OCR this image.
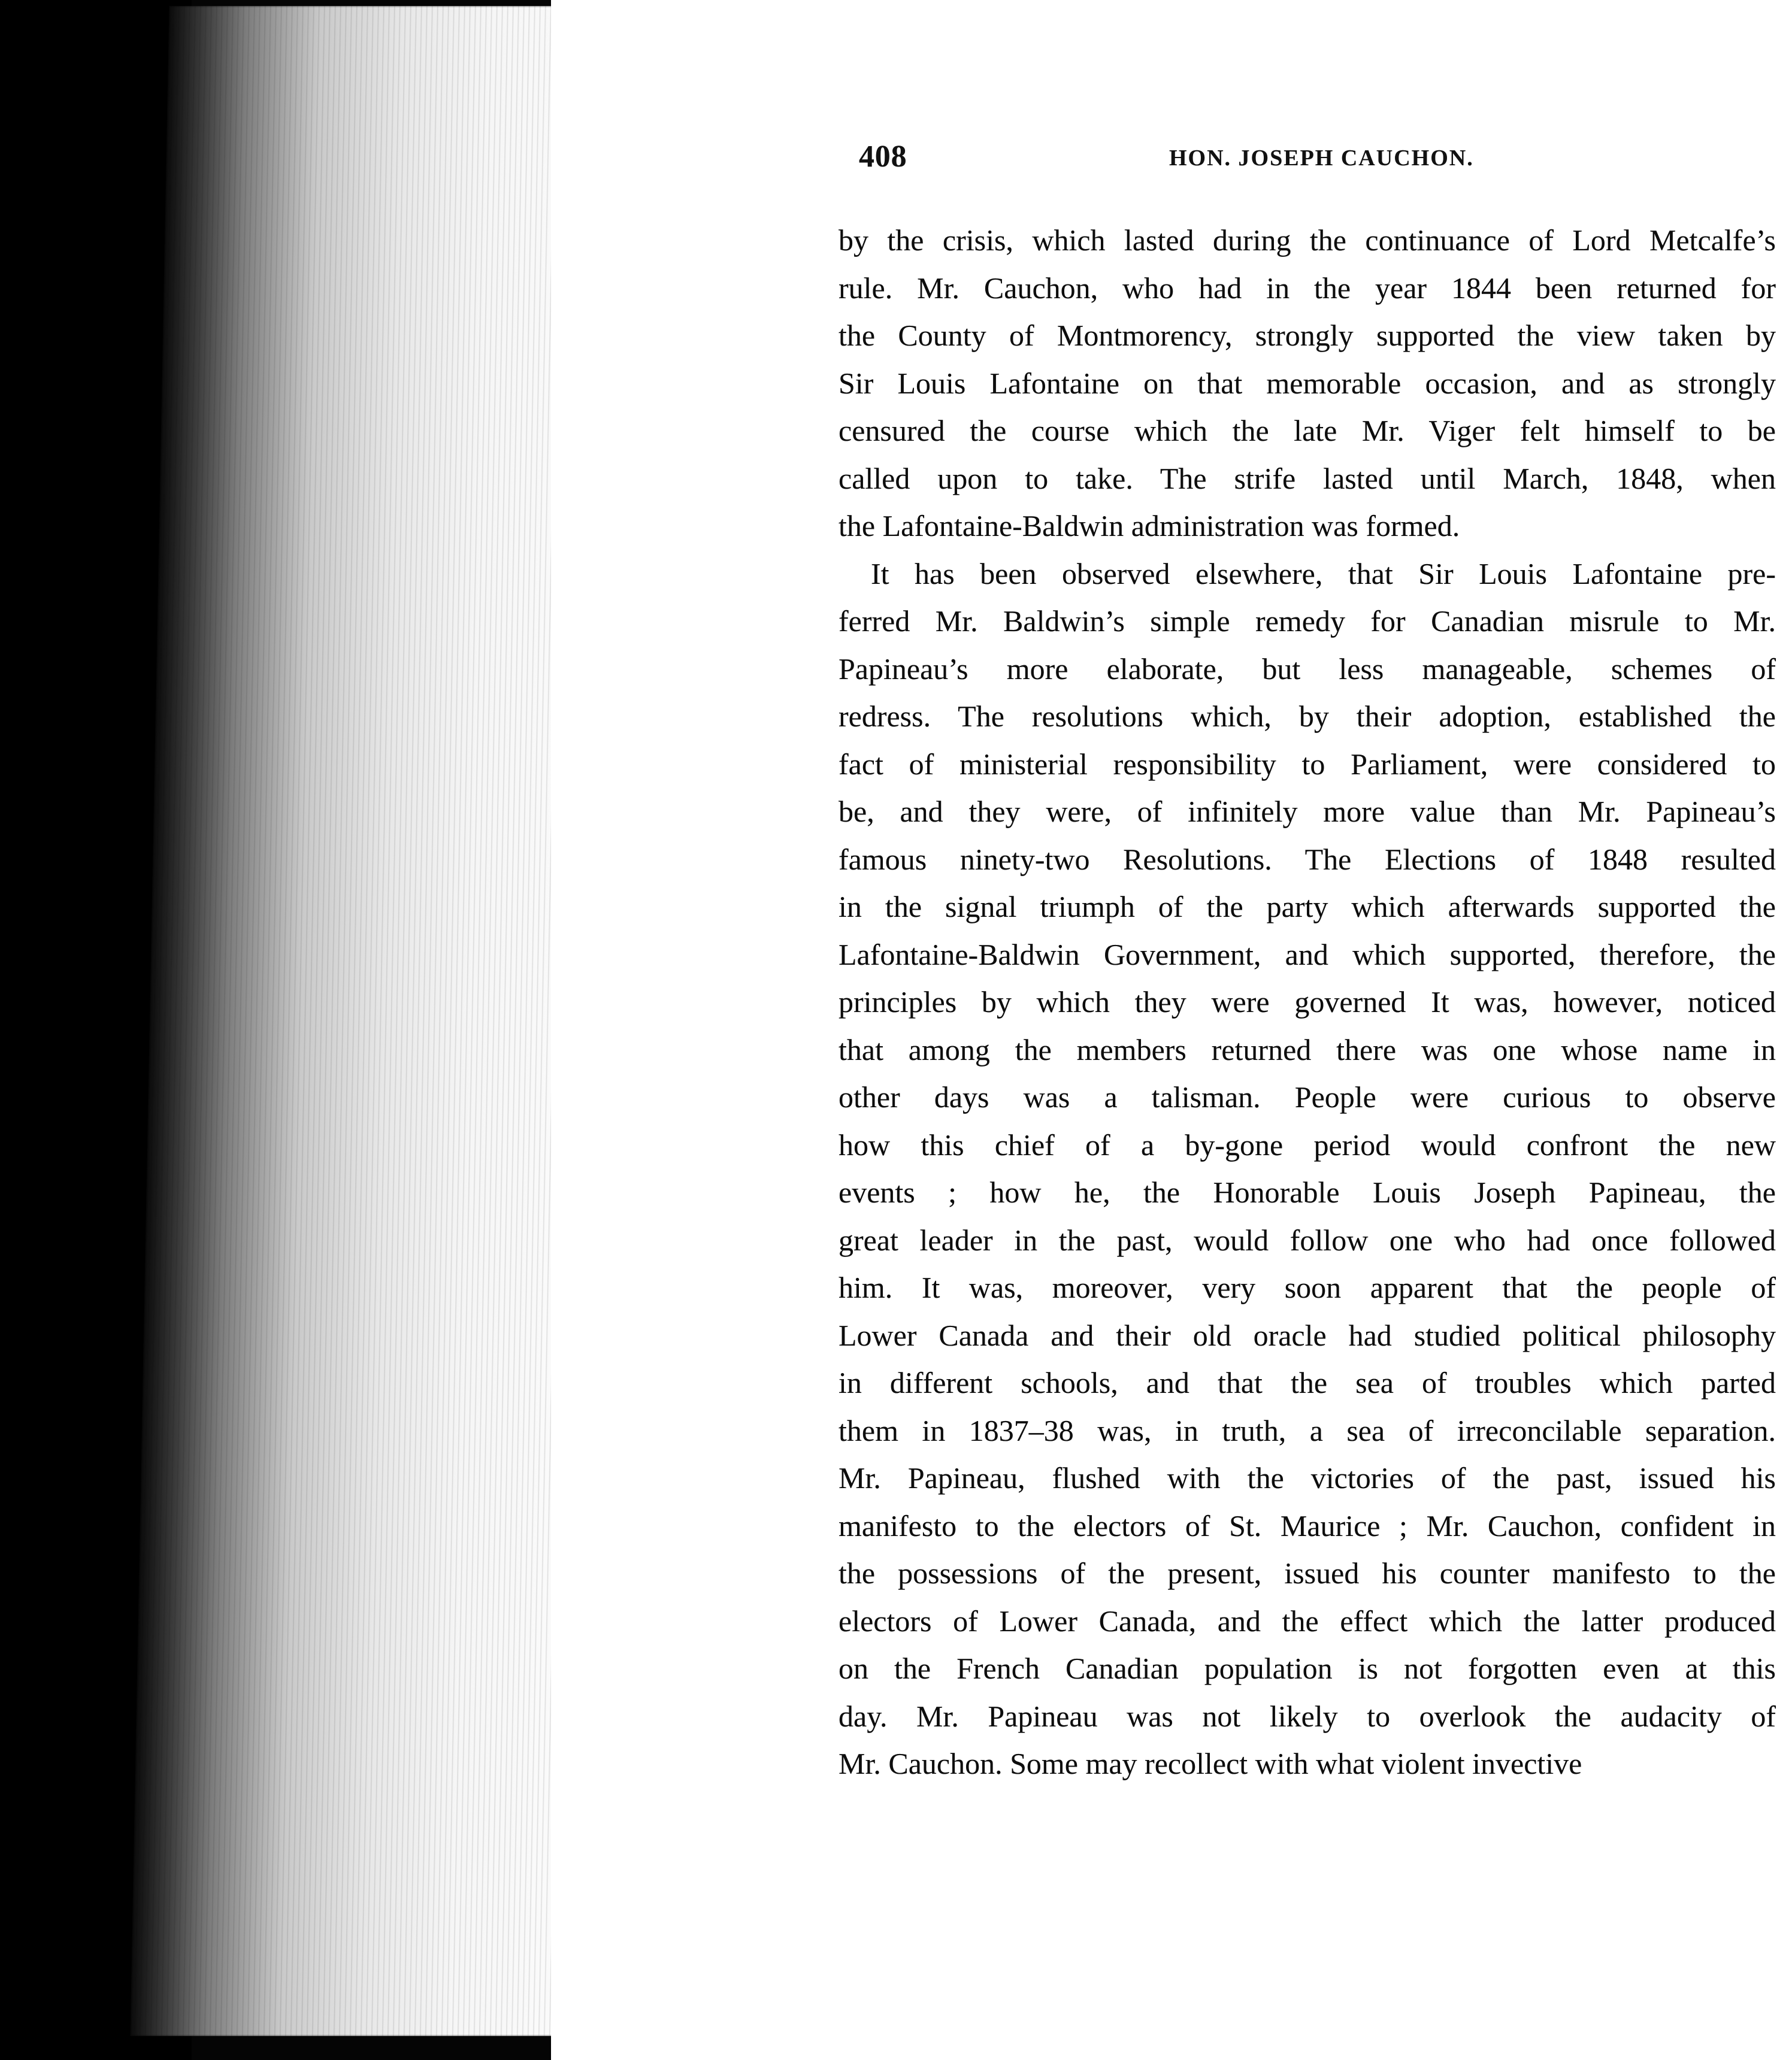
408	HON. JOSEPH CAUCHON.
by the crisis, which lasted during the continuance of Lord Metcalfe’s
rule. Mr. Cauchon, who had in the year 1844 been returned for
the County of Montmorency, strongly supported the view taken by
Sir Louis Lafontaine on that memorable occasion, and as strongly
censured the course which the late Mr. Viger felt himself to be
called upon to take. The strife lasted until March, 1848, when
the Lafontaine-Baldwin administration was formed.
It has been observed elsewhere, that Sir Louis Lafontaine pre-
ferred Mr. Baldwin’s simple remedy for Canadian misrule to Mr.
Papineau’s more elaborate, but less manageable, schemes of
redress. The resolutions which, by their adoption, established the
fact of ministerial responsibility to Parliament, were considered to
be, and they were, of infinitely more value than Mr. Papineau’s
famous ninety-two Resolutions. The Elections of 1848 resulted
in the signal triumph of the party which afterwards supported the
Lafontaine-Baldwin Government, and which supported, therefore, the
principles by which they were governed It was, however, noticed
that among the members returned there was one whose name in
other days was a talisman. People were curious to observe
how this chief of a by-gone period would confront the new
events ; how he, the Honorable Louis Joseph Papineau, the
great leader in the past, would follow one who had once followed
him. It was, moreover, very soon apparent that the people of
Lower Canada and their old oracle had studied political philosophy
in different schools, and that the sea of troubles which parted
them in 1837–38 was, in truth, a sea of irreconcilable separation.
Mr. Papineau, flushed with the victories of the past, issued his
manifesto to the electors of St. Maurice ; Mr. Cauchon, confident in
the possessions of the present, issued his counter manifesto to the
electors of Lower Canada, and the effect which the latter produced
on the French Canadian population is not forgotten even at this
day. Mr. Papineau was not likely to overlook the audacity of
Mr. Cauchon. Some may recollect with what violent invective
